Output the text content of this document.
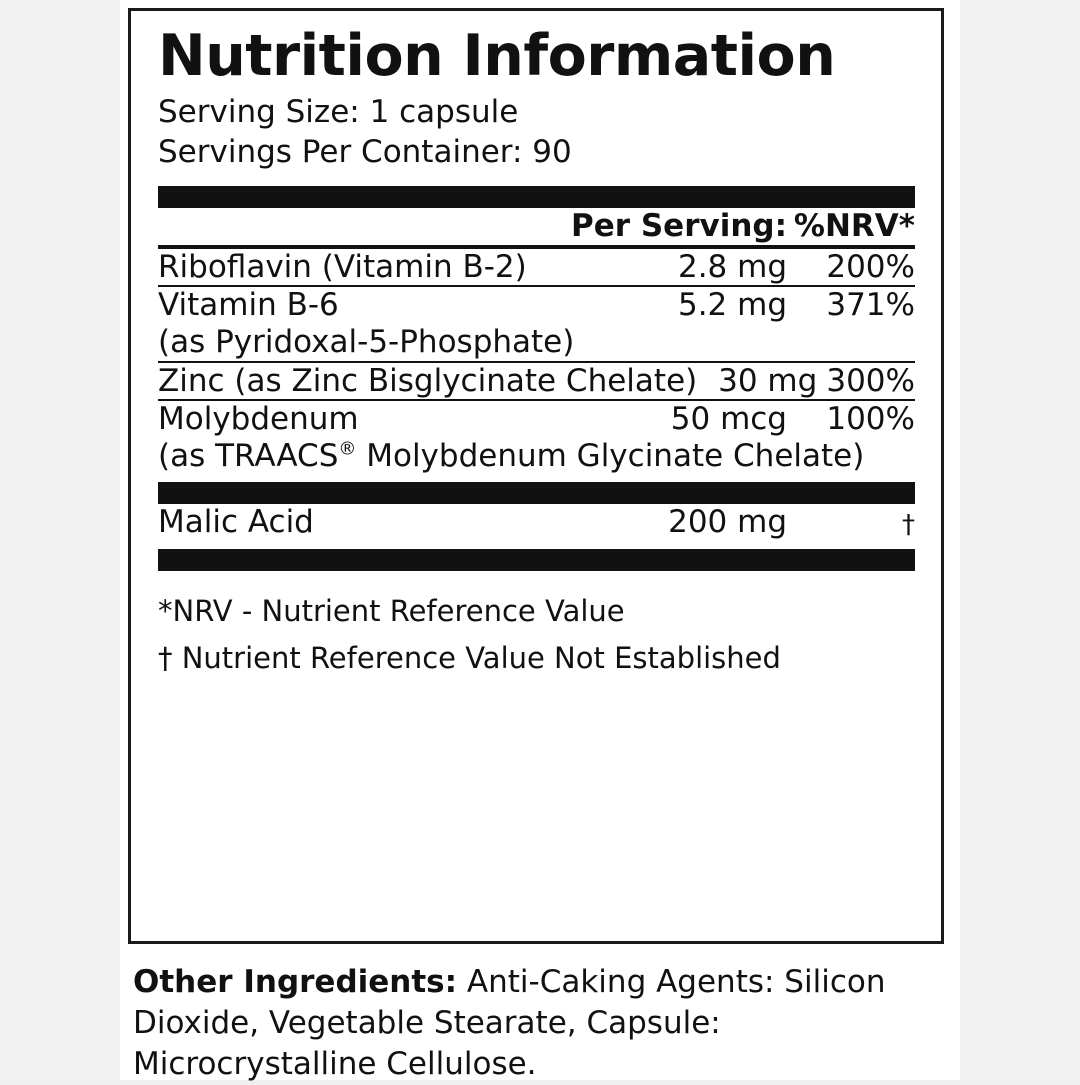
Nutrition Information
Serving Size: 1 capsule
Servings Per Container: 90
	Per Serving:	%NRV*
Riboflavin (Vitamin B-2)	2.8 mg	200%
Vitamin B-6	5.2 mg	371%
(as Pyridoxal-5-Phosphate)
Zinc (as Zinc Bisglycinate Chelate)	30 mg	300%
Molybdenum	50 mcg	100%
(as TRAACS® Molybdenum Glycinate Chelate)
Malic Acid	200 mg	†
*NRV - Nutrient Reference Value
† Nutrient Reference Value Not Established
Other Ingredients: Anti-Caking Agents: Silicon Dioxide, Vegetable Stearate, Capsule: Microcrystalline Cellulose.
